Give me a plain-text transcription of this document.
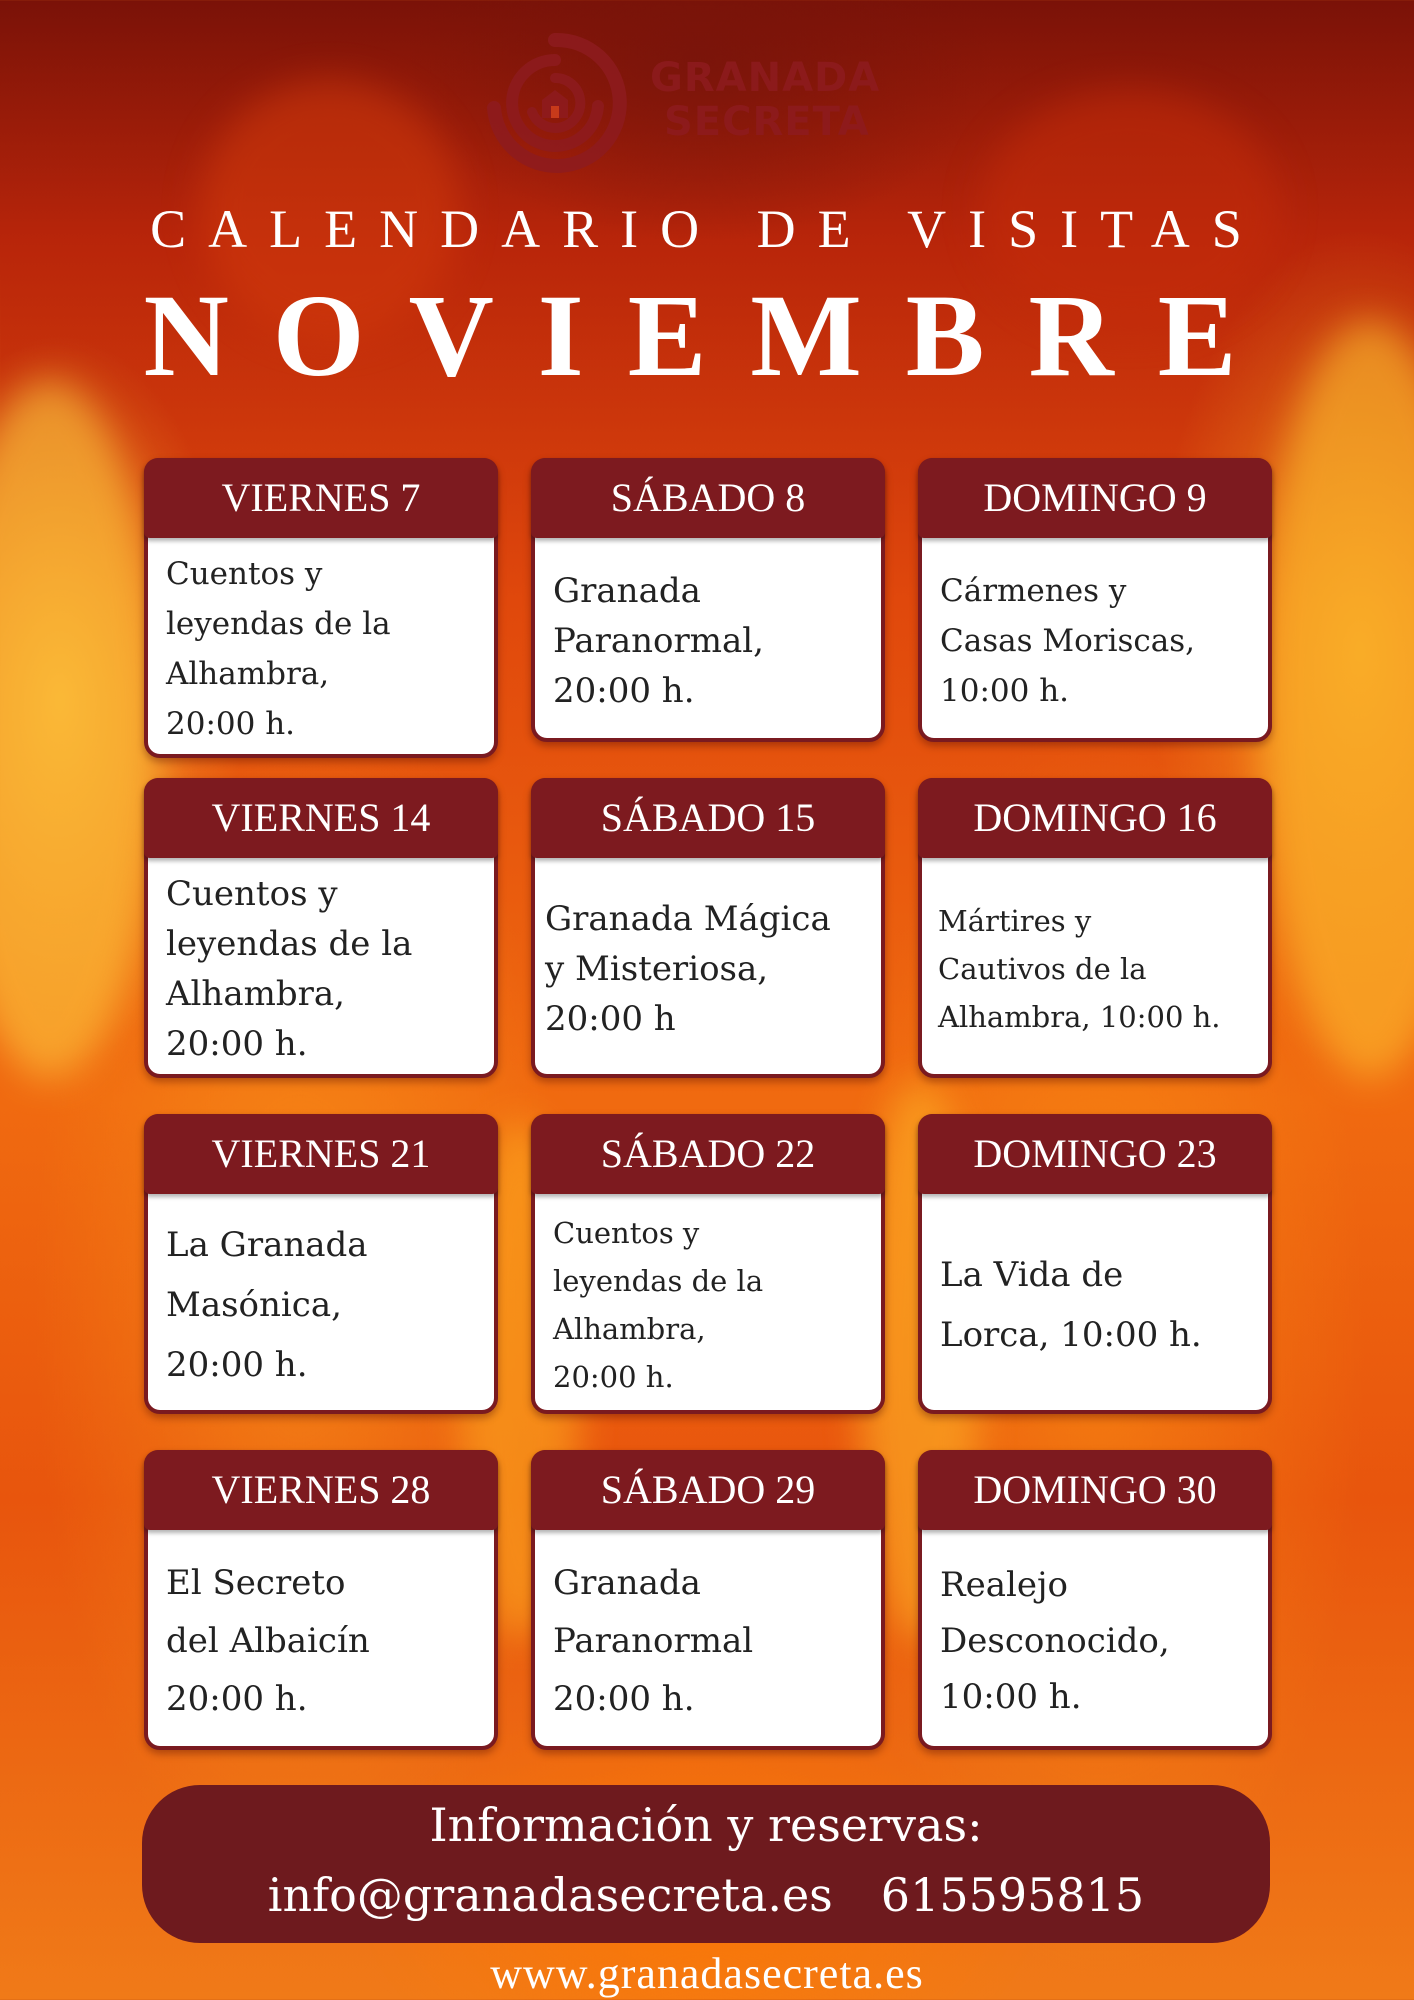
GRANADA
SECRETA
CALENDARIO DE VISITAS
NOVIEMBRE
VIERNES 7
Cuentos y
leyendas de la
Alhambra,
20:00 h.
SÁBADO 8
Granada
Paranormal,
20:00 h.
DOMINGO 9
Cármenes y
Casas Moriscas,
10:00 h.
VIERNES 14
Cuentos y
leyendas de la
Alhambra,
20:00 h.
SÁBADO 15
Granada Mágica
y Misteriosa,
20:00 h
DOMINGO 16
Mártires y
Cautivos de la
Alhambra, 10:00 h.
VIERNES 21
La Granada
Masónica,
20:00 h.
SÁBADO 22
Cuentos y
leyendas de la
Alhambra,
20:00 h.
DOMINGO 23
La Vida de
Lorca, 10:00 h.
VIERNES 28
El Secreto
del Albaicín
20:00 h.
SÁBADO 29
Granada
Paranormal
20:00 h.
DOMINGO 30
Realejo
Desconocido,
10:00 h.
Información y reservas:
info@granadasecreta.es 615595815
www.granadasecreta.es
